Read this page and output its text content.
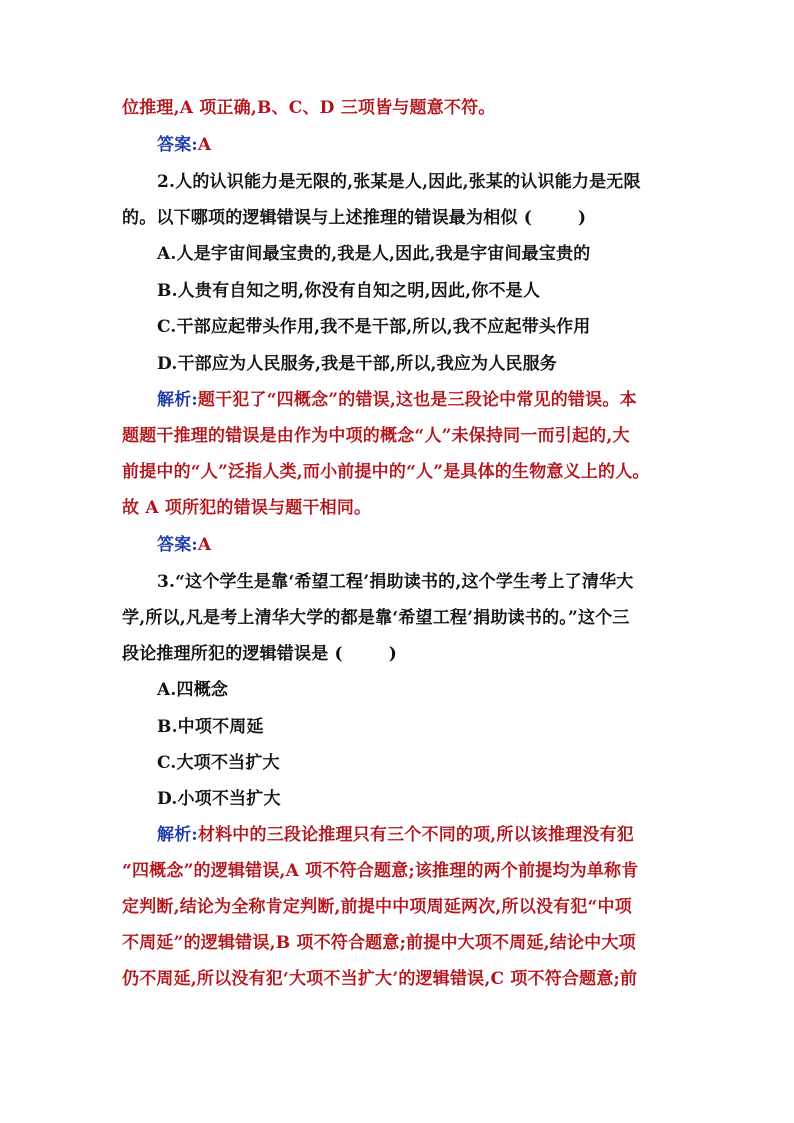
位推理,A 项正确,B、C、D 三项皆与题意不符。
答案:A
2.人的认识能力是无限的,张某是人,因此,张某的认识能力是无限
的。以下哪项的逻辑错误与上述推理的错误最为相似 (	)
A.人是宇宙间最宝贵的,我是人,因此,我是宇宙间最宝贵的
B.人贵有自知之明,你没有自知之明,因此,你不是人
C.干部应起带头作用,我不是干部,所以,我不应起带头作用
D.干部应为人民服务,我是干部,所以,我应为人民服务
解析:题干犯了“四概念”的错误,这也是三段论中常见的错误。本
题题干推理的错误是由作为中项的概念“人”未保持同一而引起的,大
前提中的“人”泛指人类,而小前提中的“人”是具体的生物意义上的人。
故 A 项所犯的错误与题干相同。
答案:A
3.“这个学生是靠‘希望工程’捐助读书的,这个学生考上了清华大
学,所以,凡是考上清华大学的都是靠‘希望工程’捐助读书的。”这个三
段论推理所犯的逻辑错误是 (	)
A.四概念
B.中项不周延
C.大项不当扩大
D.小项不当扩大
解析:材料中的三段论推理只有三个不同的项,所以该推理没有犯
“四概念”的逻辑错误,A 项不符合题意;该推理的两个前提均为单称肯
定判断,结论为全称肯定判断,前提中中项周延两次,所以没有犯“中项
不周延”的逻辑错误,B 项不符合题意;前提中大项不周延,结论中大项
仍不周延,所以没有犯‘大项不当扩大’的逻辑错误,C 项不符合题意;前
